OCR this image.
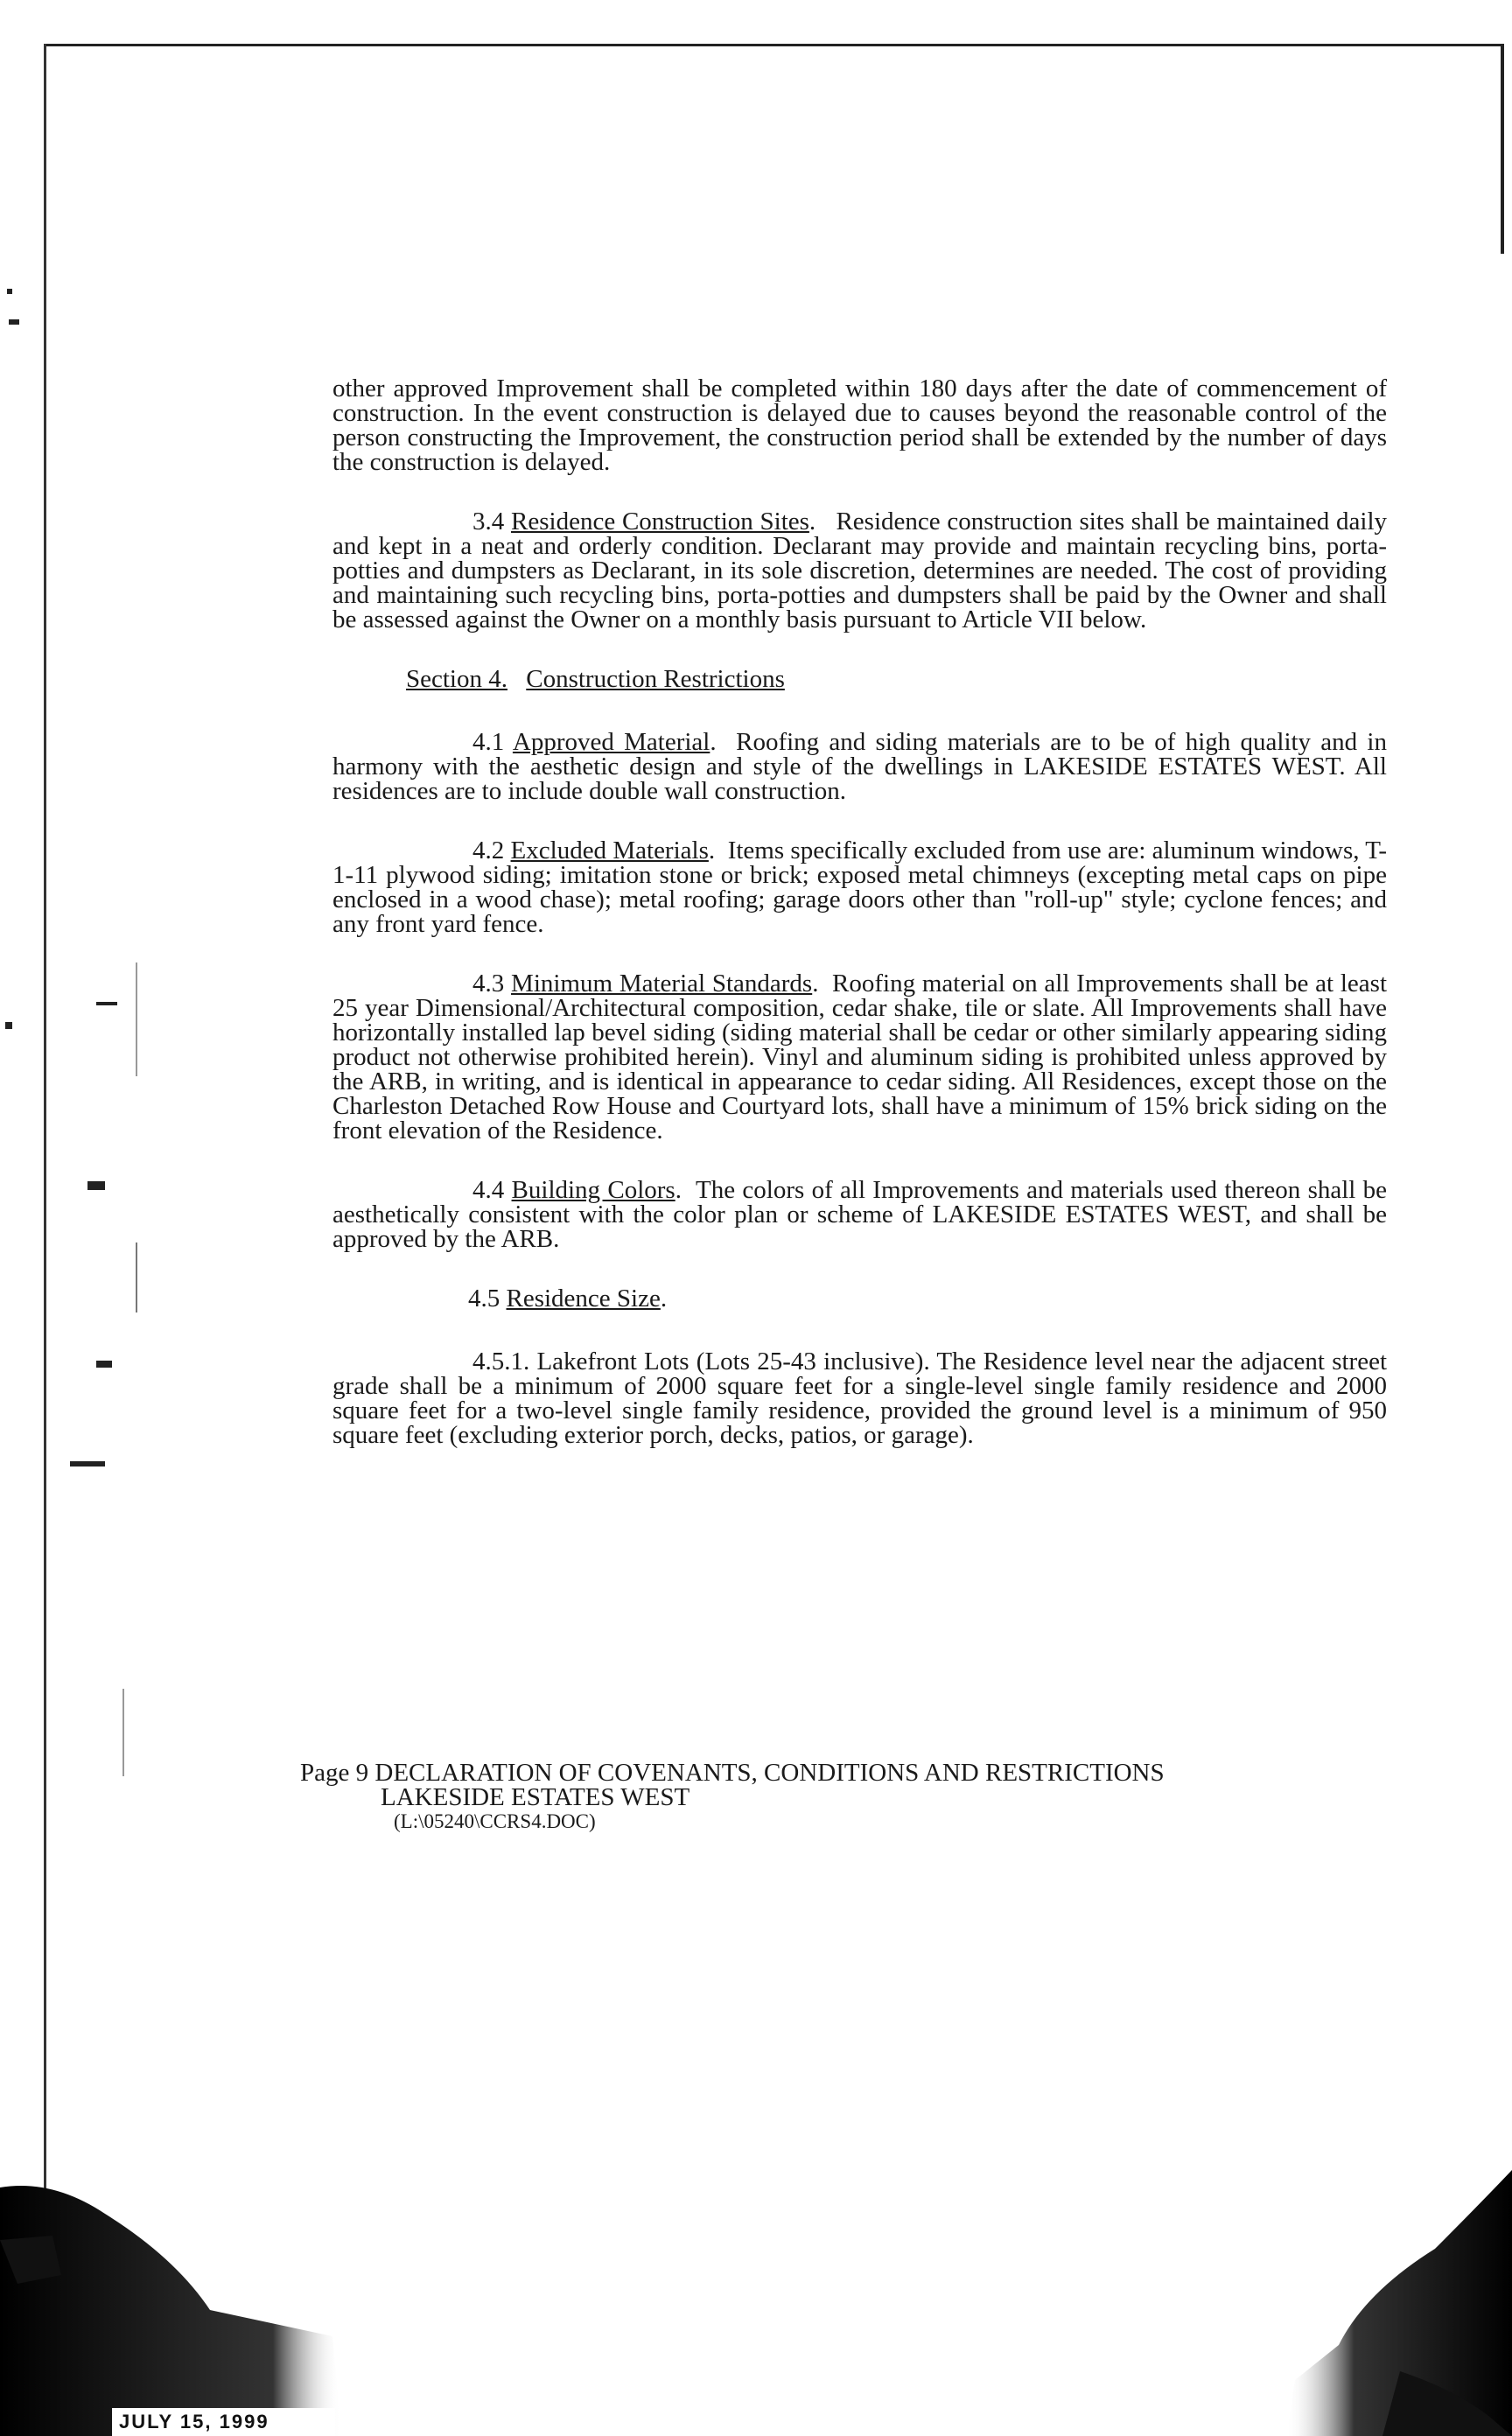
other approved Improvement shall be completed within 180 days after the date of commencement of construction. In the event construction is delayed due to causes beyond the reasonable control of the person constructing the Improvement, the construction period shall be extended by the number of days the construction is delayed.

3.4 Residence Construction Sites.   Residence construction sites shall be maintained daily and kept in a neat and orderly condition. Declarant may provide and maintain recycling bins, porta-potties and dumpsters as Declarant, in its sole discretion, determines are needed. The cost of providing and maintaining such recycling bins, porta-potties and dumpsters shall be paid by the Owner and shall be assessed against the Owner on a monthly basis pursuant to Article VII below.

Section 4. Construction Restrictions

4.1 Approved Material.  Roofing and siding materials are to be of high quality and in harmony with the aesthetic design and style of the dwellings in LAKESIDE ESTATES WEST. All residences are to include double wall construction.

4.2 Excluded Materials.  Items specifically excluded from use are: aluminum windows, T-1-11 plywood siding; imitation stone or brick; exposed metal chimneys (excepting metal caps on pipe enclosed in a wood chase); metal roofing; garage doors other than "roll-up" style; cyclone fences; and any front yard fence.

4.3 Minimum Material Standards.  Roofing material on all Improvements shall be at least 25 year Dimensional/Architectural composition, cedar shake, tile or slate. All Improvements shall have horizontally installed lap bevel siding (siding material shall be cedar or other similarly appearing siding product not otherwise prohibited herein). Vinyl and aluminum siding is prohibited unless approved by the ARB, in writing, and is identical in appearance to cedar siding. All Residences, except those on the Charleston Detached Row House and Courtyard lots, shall have a minimum of 15% brick siding on the front elevation of the Residence.

4.4 Building Colors.  The colors of all Improvements and materials used thereon shall be aesthetically consistent with the color plan or scheme of LAKESIDE ESTATES WEST, and shall be approved by the ARB.

4.5 Residence Size.

4.5.1. Lakefront Lots (Lots 25-43 inclusive). The Residence level near the adjacent street grade shall be a minimum of 2000 square feet for a single-level single family residence and 2000 square feet for a two-level single family residence, provided the ground level is a minimum of 950 square feet (excluding exterior porch, decks, patios, or garage).

Page 9 DECLARATION OF COVENANTS, CONDITIONS AND RESTRICTIONS
LAKESIDE ESTATES WEST
(L:\05240\CCRS4.DOC)
JULY 15, 1999
